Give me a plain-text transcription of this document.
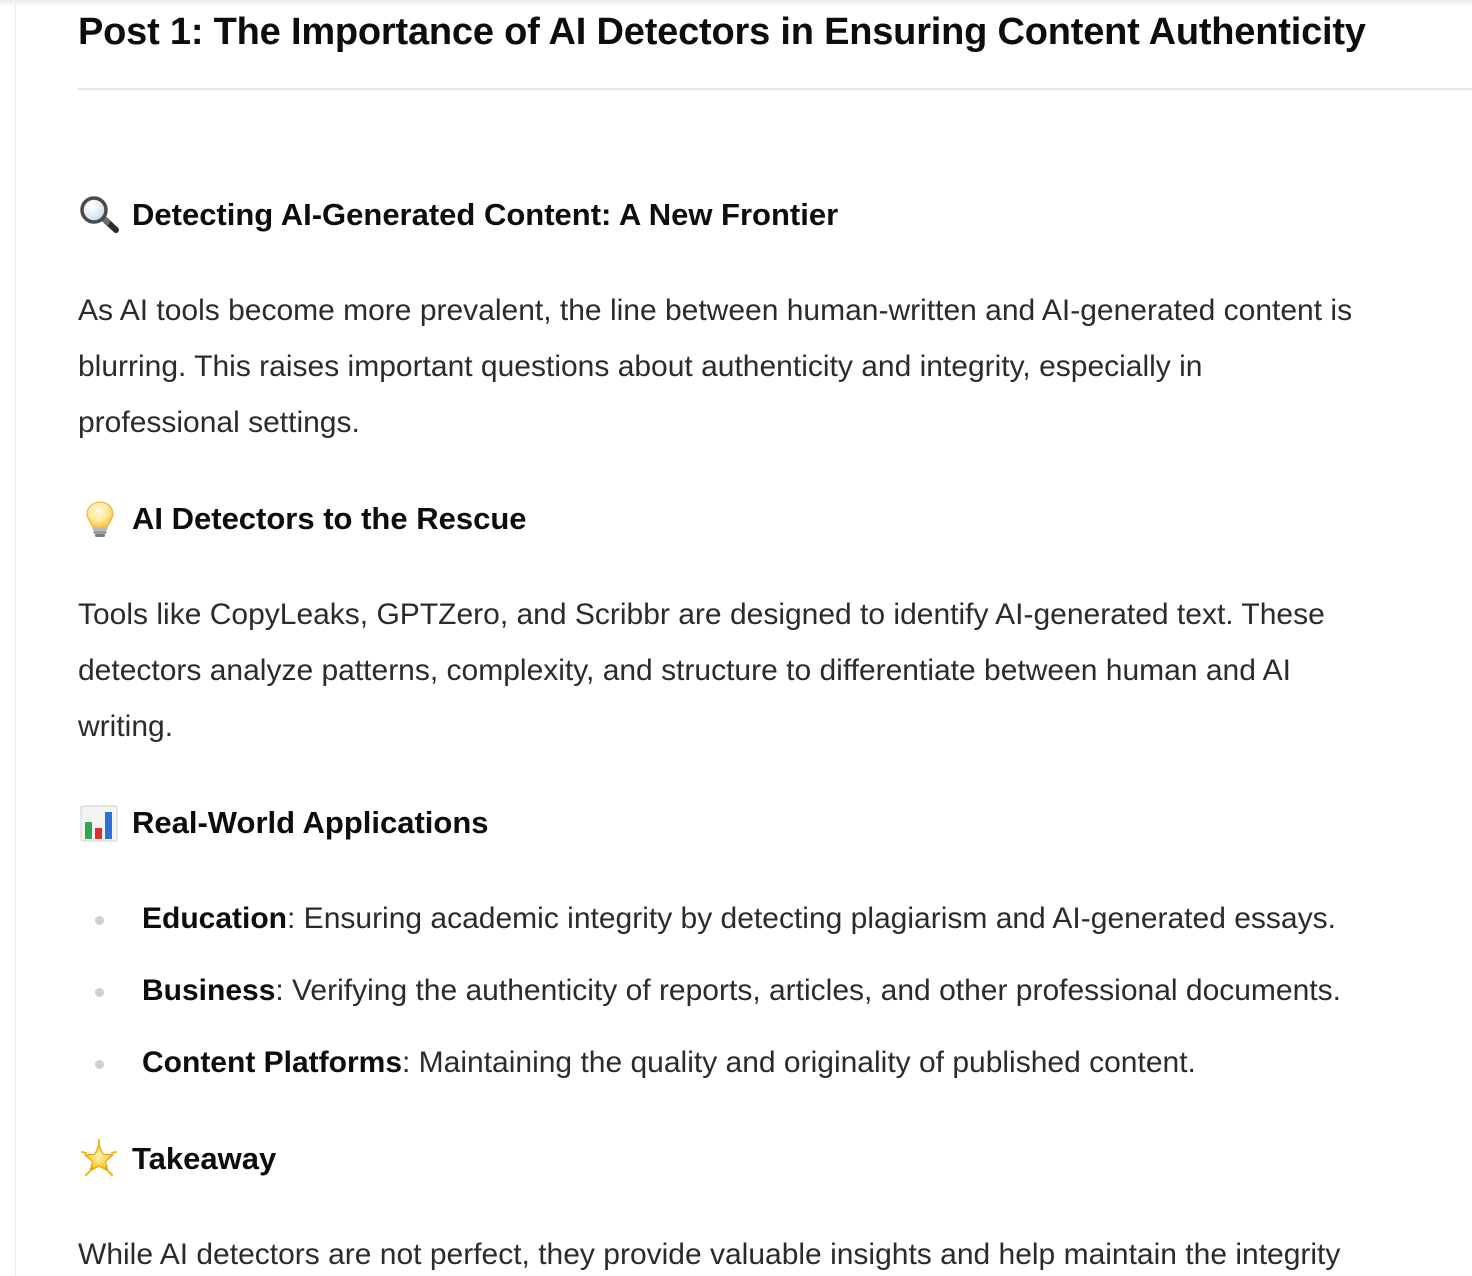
Post 1: The Importance of AI Detectors in Ensuring Content Authenticity
Detecting AI-Generated Content: A New Frontier

As AI tools become more prevalent, the line between human-written and AI-generated content is
blurring. This raises important questions about authenticity and integrity, especially in
professional settings.

AI Detectors to the Rescue

Tools like CopyLeaks, GPTZero, and Scribbr are designed to identify AI-generated text. These
detectors analyze patterns, complexity, and structure to differentiate between human and AI
writing.

Real-World Applications
Education: Ensuring academic integrity by detecting plagiarism and AI-generated essays.
Business: Verifying the authenticity of reports, articles, and other professional documents.
Content Platforms: Maintaining the quality and originality of published content.
Takeaway

While AI detectors are not perfect, they provide valuable insights and help maintain the integrity
